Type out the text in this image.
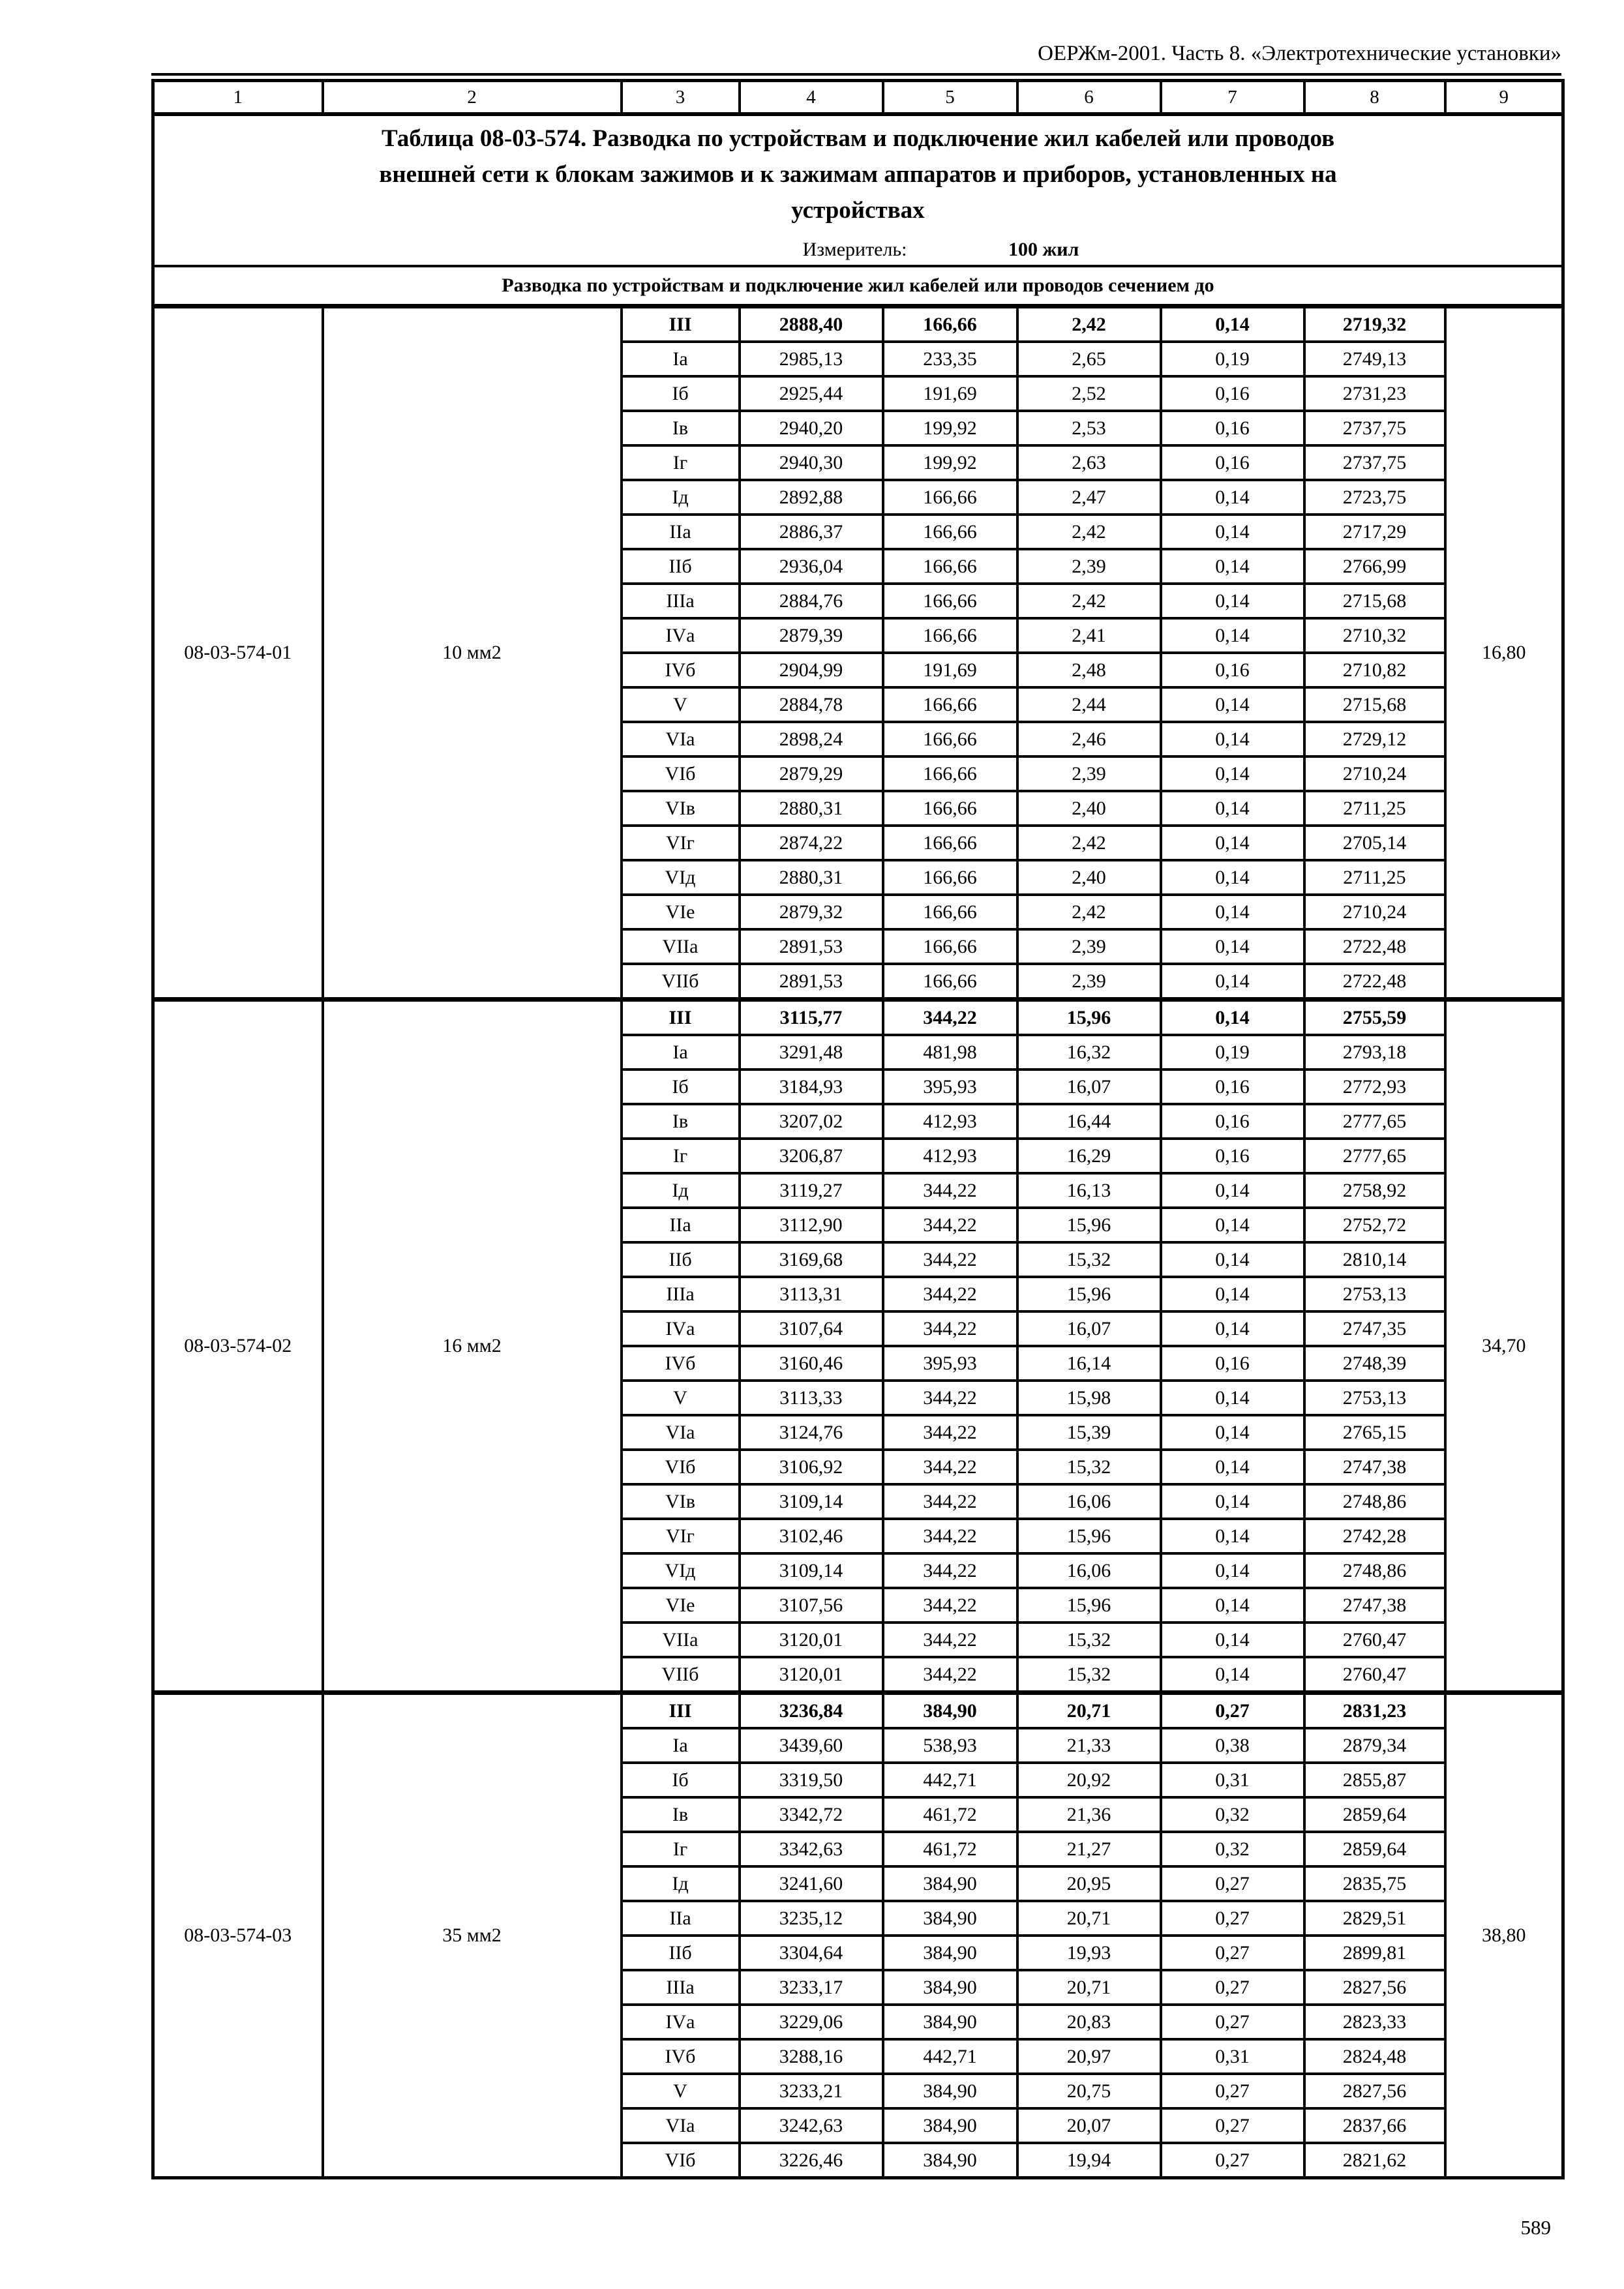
ОЕРЖм-2001. Часть 8. «Электротехнические установки»
1	2	3	4	5	6	7	8	9

Таблица 08-03-574. Разводка по устройствам и подключение жил кабелей или проводов
внешней сети к блокам зажимов и к зажимам аппаратов и приборов, установленных на
устройствах
Измеритель: 100 жил								

Разводка по устройствам и подключение жил кабелей или проводов сечением до								
08-03-574-01	10 мм2	III	2888,40	166,66	2,42	0,14	2719,32	16,80
		Iа	2985,13	233,35	2,65	0,19	2749,13	
		Iб	2925,44	191,69	2,52	0,16	2731,23	
		Iв	2940,20	199,92	2,53	0,16	2737,75	
		Iг	2940,30	199,92	2,63	0,16	2737,75	
		Iд	2892,88	166,66	2,47	0,14	2723,75	
		IIа	2886,37	166,66	2,42	0,14	2717,29	
		IIб	2936,04	166,66	2,39	0,14	2766,99	
		IIIа	2884,76	166,66	2,42	0,14	2715,68	
		IVа	2879,39	166,66	2,41	0,14	2710,32	
		IVб	2904,99	191,69	2,48	0,16	2710,82	
		V	2884,78	166,66	2,44	0,14	2715,68	
		VIа	2898,24	166,66	2,46	0,14	2729,12	
		VIб	2879,29	166,66	2,39	0,14	2710,24	
		VIв	2880,31	166,66	2,40	0,14	2711,25	
		VIг	2874,22	166,66	2,42	0,14	2705,14	
		VIд	2880,31	166,66	2,40	0,14	2711,25	
		VIе	2879,32	166,66	2,42	0,14	2710,24	
		VIIа	2891,53	166,66	2,39	0,14	2722,48	
		VIIб	2891,53	166,66	2,39	0,14	2722,48	
08-03-574-02	16 мм2	III	3115,77	344,22	15,96	0,14	2755,59	34,70
		Iа	3291,48	481,98	16,32	0,19	2793,18	
		Iб	3184,93	395,93	16,07	0,16	2772,93	
		Iв	3207,02	412,93	16,44	0,16	2777,65	
		Iг	3206,87	412,93	16,29	0,16	2777,65	
		Iд	3119,27	344,22	16,13	0,14	2758,92	
		IIа	3112,90	344,22	15,96	0,14	2752,72	
		IIб	3169,68	344,22	15,32	0,14	2810,14	
		IIIа	3113,31	344,22	15,96	0,14	2753,13	
		IVа	3107,64	344,22	16,07	0,14	2747,35	
		IVб	3160,46	395,93	16,14	0,16	2748,39	
		V	3113,33	344,22	15,98	0,14	2753,13	
		VIа	3124,76	344,22	15,39	0,14	2765,15	
		VIб	3106,92	344,22	15,32	0,14	2747,38	
		VIв	3109,14	344,22	16,06	0,14	2748,86	
		VIг	3102,46	344,22	15,96	0,14	2742,28	
		VIд	3109,14	344,22	16,06	0,14	2748,86	
		VIе	3107,56	344,22	15,96	0,14	2747,38	
		VIIа	3120,01	344,22	15,32	0,14	2760,47	
		VIIб	3120,01	344,22	15,32	0,14	2760,47	
08-03-574-03	35 мм2	III	3236,84	384,90	20,71	0,27	2831,23	38,80
		Iа	3439,60	538,93	21,33	0,38	2879,34	
		Iб	3319,50	442,71	20,92	0,31	2855,87	
		Iв	3342,72	461,72	21,36	0,32	2859,64	
		Iг	3342,63	461,72	21,27	0,32	2859,64	
		Iд	3241,60	384,90	20,95	0,27	2835,75	
		IIа	3235,12	384,90	20,71	0,27	2829,51	
		IIб	3304,64	384,90	19,93	0,27	2899,81	
		IIIа	3233,17	384,90	20,71	0,27	2827,56	
		IVа	3229,06	384,90	20,83	0,27	2823,33	
		IVб	3288,16	442,71	20,97	0,31	2824,48	
		V	3233,21	384,90	20,75	0,27	2827,56	
		VIа	3242,63	384,90	20,07	0,27	2837,66	
		VIб	3226,46	384,90	19,94	0,27	2821,62	
589
